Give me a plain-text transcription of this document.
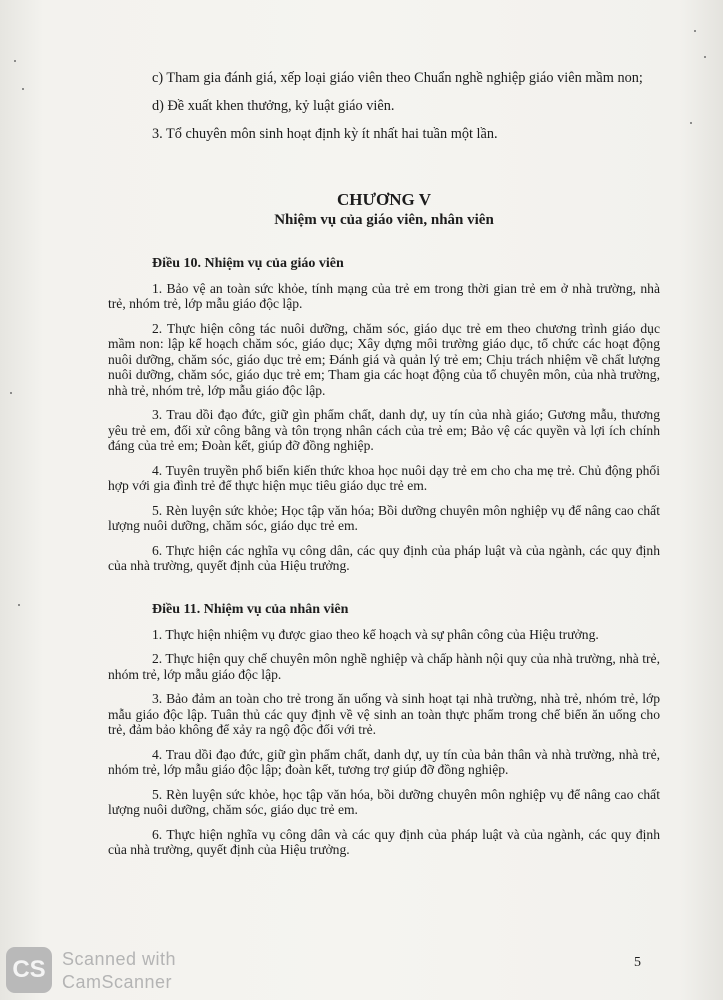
c) Tham gia đánh giá, xếp loại giáo viên theo Chuẩn nghề nghiệp giáo viên mầm non;

d) Đề xuất khen thưởng, kỷ luật giáo viên.

3. Tổ chuyên môn sinh hoạt định kỳ ít nhất hai tuần một lần.

CHƯƠNG V
Nhiệm vụ của giáo viên, nhân viên

Điều 10. Nhiệm vụ của giáo viên

1. Bảo vệ an toàn sức khỏe, tính mạng của trẻ em trong thời gian trẻ em ở nhà trường, nhà trẻ, nhóm trẻ, lớp mẫu giáo độc lập.

2. Thực hiện công tác nuôi dưỡng, chăm sóc, giáo dục trẻ em theo chương trình giáo dục mầm non: lập kế hoạch chăm sóc, giáo dục; Xây dựng môi trường giáo dục, tổ chức các hoạt động nuôi dưỡng, chăm sóc, giáo dục trẻ em; Đánh giá và quản lý trẻ em; Chịu trách nhiệm về chất lượng nuôi dưỡng, chăm sóc, giáo dục trẻ em; Tham gia các hoạt động của tổ chuyên môn, của nhà trường, nhà trẻ, nhóm trẻ, lớp mẫu giáo độc lập.

3. Trau dồi đạo đức, giữ gìn phẩm chất, danh dự, uy tín của nhà giáo; Gương mẫu, thương yêu trẻ em, đối xử công bằng và tôn trọng nhân cách của trẻ em; Bảo vệ các quyền và lợi ích chính đáng của trẻ em; Đoàn kết, giúp đỡ đồng nghiệp.

4. Tuyên truyền phổ biến kiến thức khoa học nuôi dạy trẻ em cho cha mẹ trẻ. Chủ động phối hợp với gia đình trẻ để thực hiện mục tiêu giáo dục trẻ em.

5. Rèn luyện sức khỏe; Học tập văn hóa; Bồi dưỡng chuyên môn nghiệp vụ để nâng cao chất lượng nuôi dưỡng, chăm sóc, giáo dục trẻ em.

6. Thực hiện các nghĩa vụ công dân, các quy định của pháp luật và của ngành, các quy định của nhà trường, quyết định của Hiệu trưởng.

Điều 11. Nhiệm vụ của nhân viên

1. Thực hiện nhiệm vụ được giao theo kế hoạch và sự phân công của Hiệu trưởng.

2. Thực hiện quy chế chuyên môn nghề nghiệp và chấp hành nội quy của nhà trường, nhà trẻ, nhóm trẻ, lớp mẫu giáo độc lập.

3. Bảo đảm an toàn cho trẻ trong ăn uống và sinh hoạt tại nhà trường, nhà trẻ, nhóm trẻ, lớp mẫu giáo độc lập. Tuân thủ các quy định về vệ sinh an toàn thực phẩm trong chế biến ăn uống cho trẻ, đảm bảo không để xảy ra ngộ độc đối với trẻ.

4. Trau dồi đạo đức, giữ gìn phẩm chất, danh dự, uy tín của bản thân và nhà trường, nhà trẻ, nhóm trẻ, lớp mẫu giáo độc lập; đoàn kết, tương trợ giúp đỡ đồng nghiệp.

5. Rèn luyện sức khỏe, học tập văn hóa, bồi dưỡng chuyên môn nghiệp vụ để nâng cao chất lượng nuôi dưỡng, chăm sóc, giáo dục trẻ em.

6. Thực hiện nghĩa vụ công dân và các quy định của pháp luật và của ngành, các quy định của nhà trường, quyết định của Hiệu trưởng.

5
CS Scanned with
CamScanner
